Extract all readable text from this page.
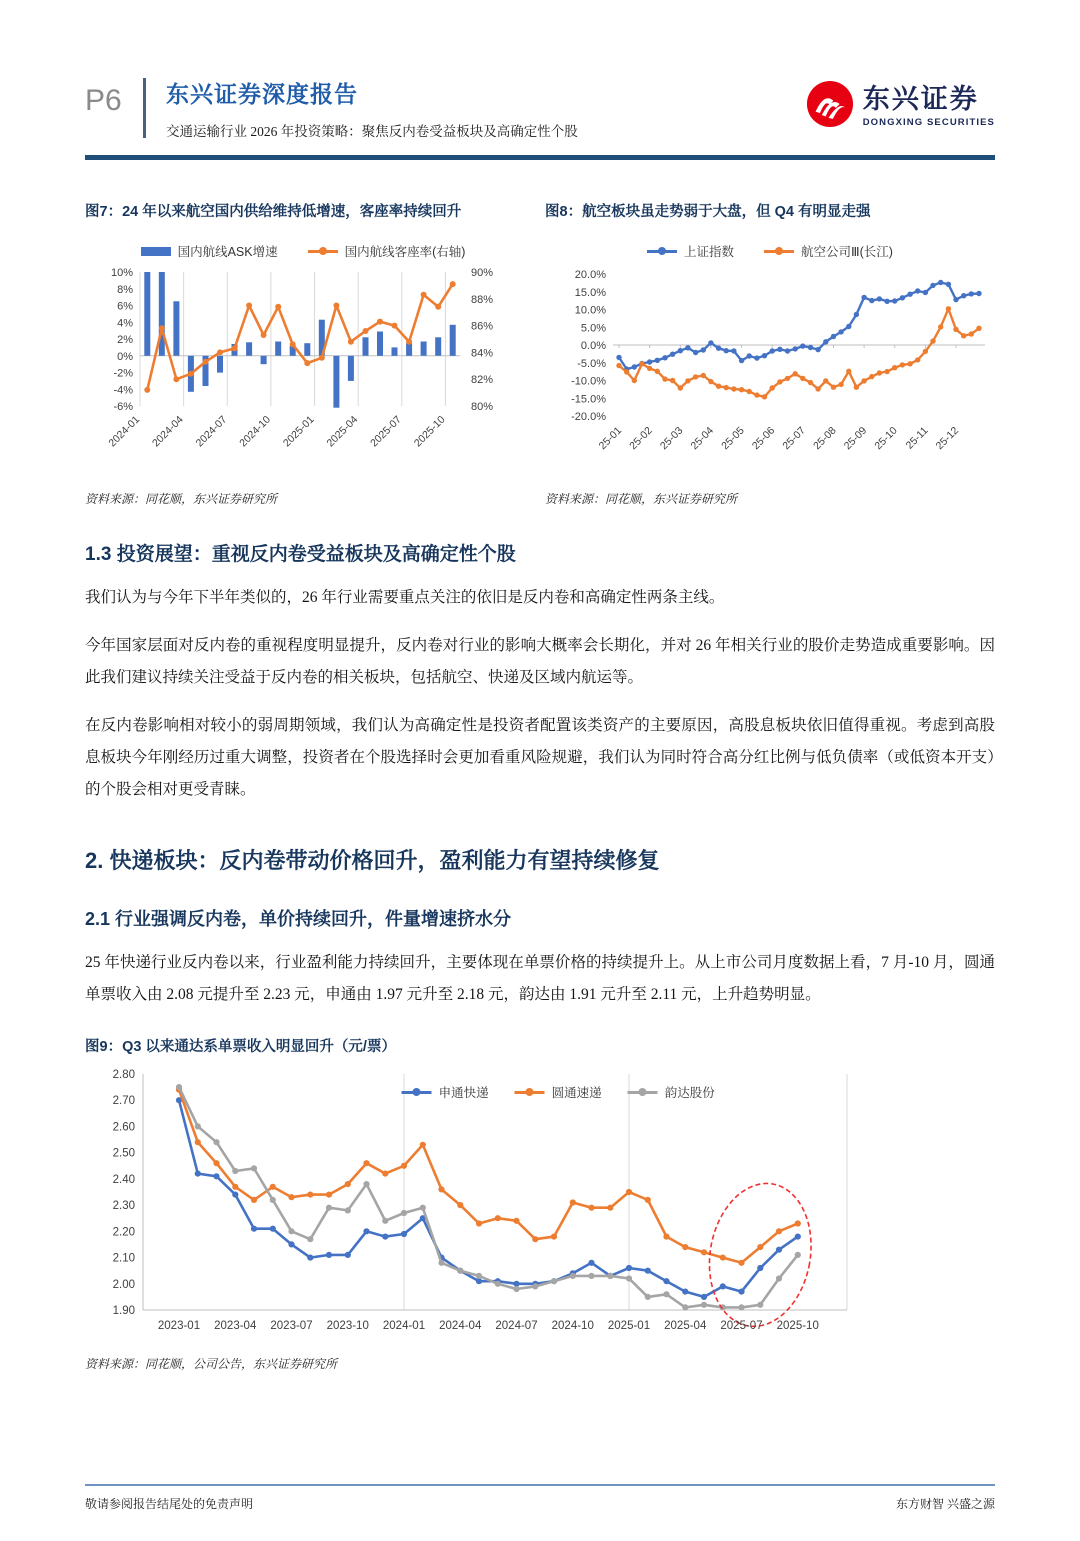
P6	东兴证券深度报告
交通运输行业 2026 年投资策略：聚焦反内卷受益板块及高确定性个股
东兴证券
DONGXING SECURITIES
图7：24 年以来航空国内供给维持低增速，客座率持续回升
国内航线ASK增速	国内航线客座率(右轴)
10%
8%
6%
4%
2%
0%
-2%
-4%
-6%
90%
88%
86%
84%
82%
80%
2024-01 2024-04 2024-07 2024-10 2025-01 2025-04 2025-07 2025-10
资料来源：同花顺，东兴证券研究所
图8：航空板块虽走势弱于大盘，但 Q4 有明显走强
上证指数	航空公司Ⅲ(长江)
20.0%
15.0%
10.0%
5.0%
0.0%
-5.0%
-10.0%
-15.0%
-20.0%
25-01 25-02 25-03 25-04 25-05 25-06 25-07 25-08 25-09 25-10 25-11 25-12
资料来源：同花顺，东兴证券研究所
1.3 投资展望：重视反内卷受益板块及高确定性个股

我们认为与今年下半年类似的，26 年行业需要重点关注的依旧是反内卷和高确定性两条主线。

今年国家层面对反内卷的重视程度明显提升，反内卷对行业的影响大概率会长期化，并对 26 年相关行业的股价走势造成重要影响。因此我们建议持续关注受益于反内卷的相关板块，包括航空、快递及区域内航运等。

在反内卷影响相对较小的弱周期领域，我们认为高确定性是投资者配置该类资产的主要原因，高股息板块依旧值得重视。考虑到高股息板块今年刚经历过重大调整，投资者在个股选择时会更加看重风险规避，我们认为同时符合高分红比例与低负债率（或低资本开支）的个股会相对更受青睐。

2. 快递板块：反内卷带动价格回升，盈利能力有望持续修复
2.1 行业强调反内卷，单价持续回升，件量增速挤水分

25 年快递行业反内卷以来，行业盈利能力持续回升，主要体现在单票价格的持续提升上。从上市公司月度数据上看，7 月-10 月，圆通单票收入由 2.08 元提升至 2.23 元，申通由 1.97 元升至 2.18 元，韵达由 1.91 元升至 2.11 元，上升趋势明显。

图9：Q3 以来通达系单票收入明显回升（元/票）
2.80
2.70
2.60
2.50
2.40
2.30
2.20
2.10
2.00
1.90
2023-01 2023-04 2023-07 2023-10 2024-01 2024-04 2024-07 2024-10 2025-01 2025-04 2025-07 2025-10
申通快递	圆通速递	韵达股份
资料来源：同花顺，公司公告，东兴证券研究所
敬请参阅报告结尾处的免责声明	东方财智 兴盛之源
